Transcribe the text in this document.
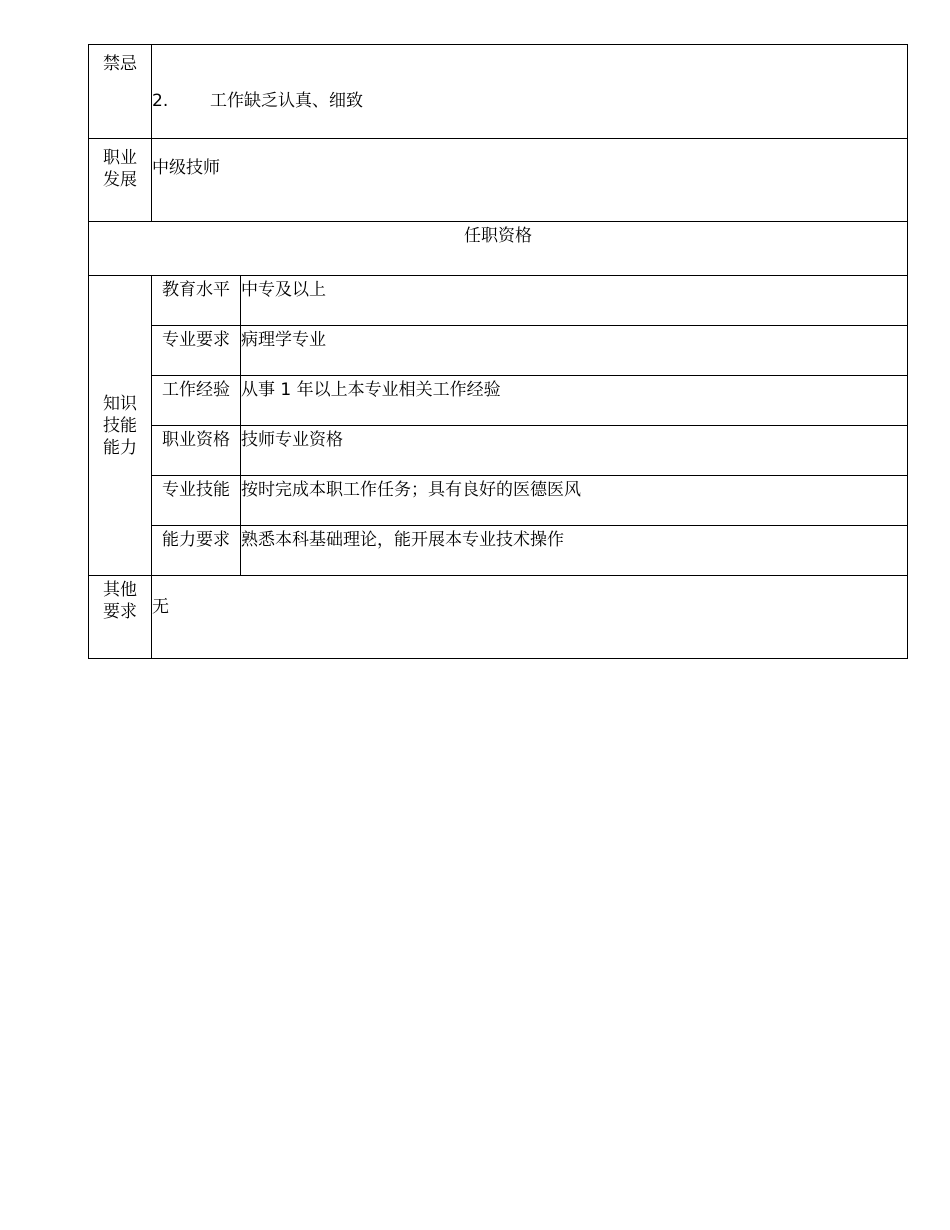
禁忌	2. 工作缺乏认真、细致	
职业发展	中级技师	
任职资格		
知识技能能力	教育水平	中专及以上
	专业要求	病理学专业
	工作经验	从事 1 年以上本专业相关工作经验
	职业资格	技师专业资格
	专业技能	按时完成本职工作任务；具有良好的医德医风
	能力要求	熟悉本科基础理论，能开展本专业技术操作
其他要求	无	
